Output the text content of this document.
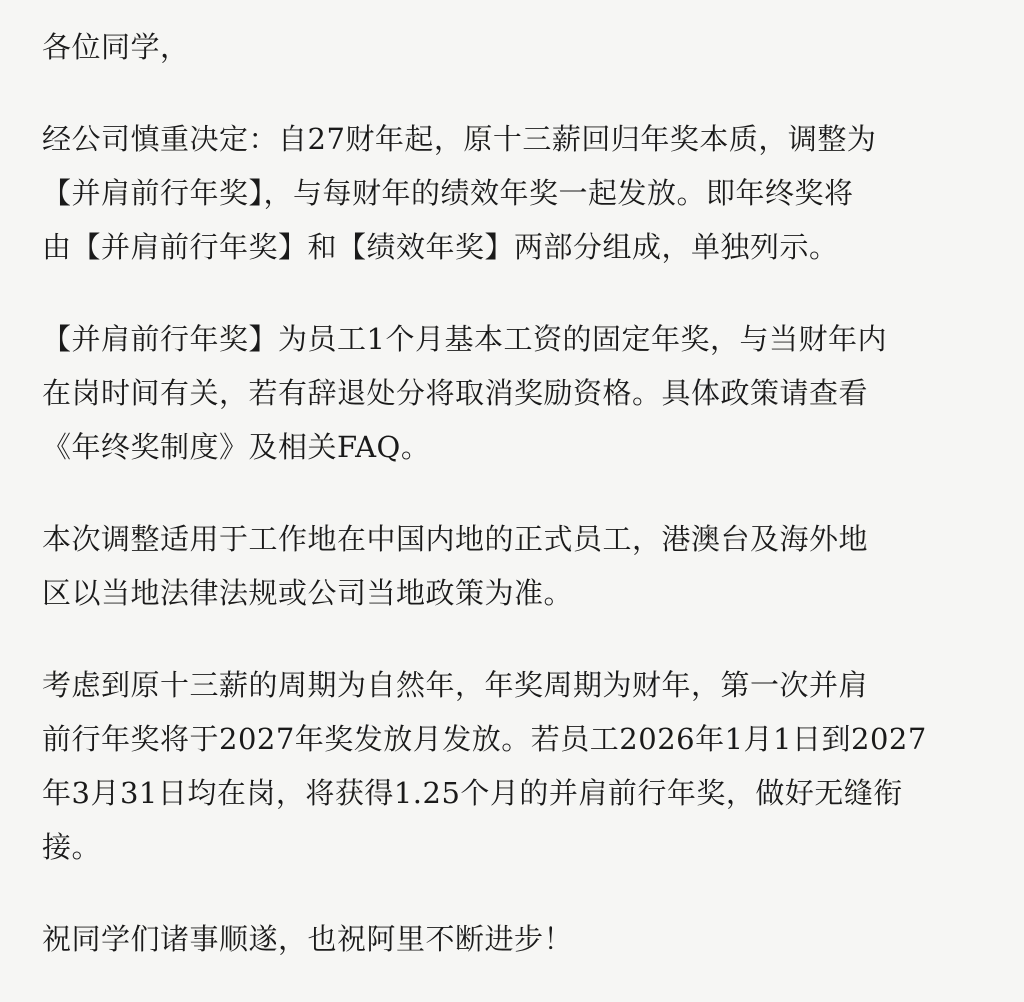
各位同学，
经公司慎重决定：自27财年起，原十三薪回归年奖本质，调整为
【并肩前行年奖】，与每财年的绩效年奖一起发放。即年终奖将
由【并肩前行年奖】和【绩效年奖】两部分组成，单独列示。
【并肩前行年奖】为员工1个月基本工资的固定年奖，与当财年内
在岗时间有关，若有辞退处分将取消奖励资格。具体政策请查看
《年终奖制度》及相关FAQ。
本次调整适用于工作地在中国内地的正式员工，港澳台及海外地
区以当地法律法规或公司当地政策为准。
考虑到原十三薪的周期为自然年，年奖周期为财年，第一次并肩
前行年奖将于2027年奖发放月发放。若员工2026年1月1日到2027
年3月31日均在岗，将获得1.25个月的并肩前行年奖，做好无缝衔
接。
祝同学们诸事顺遂，也祝阿里不断进步！
